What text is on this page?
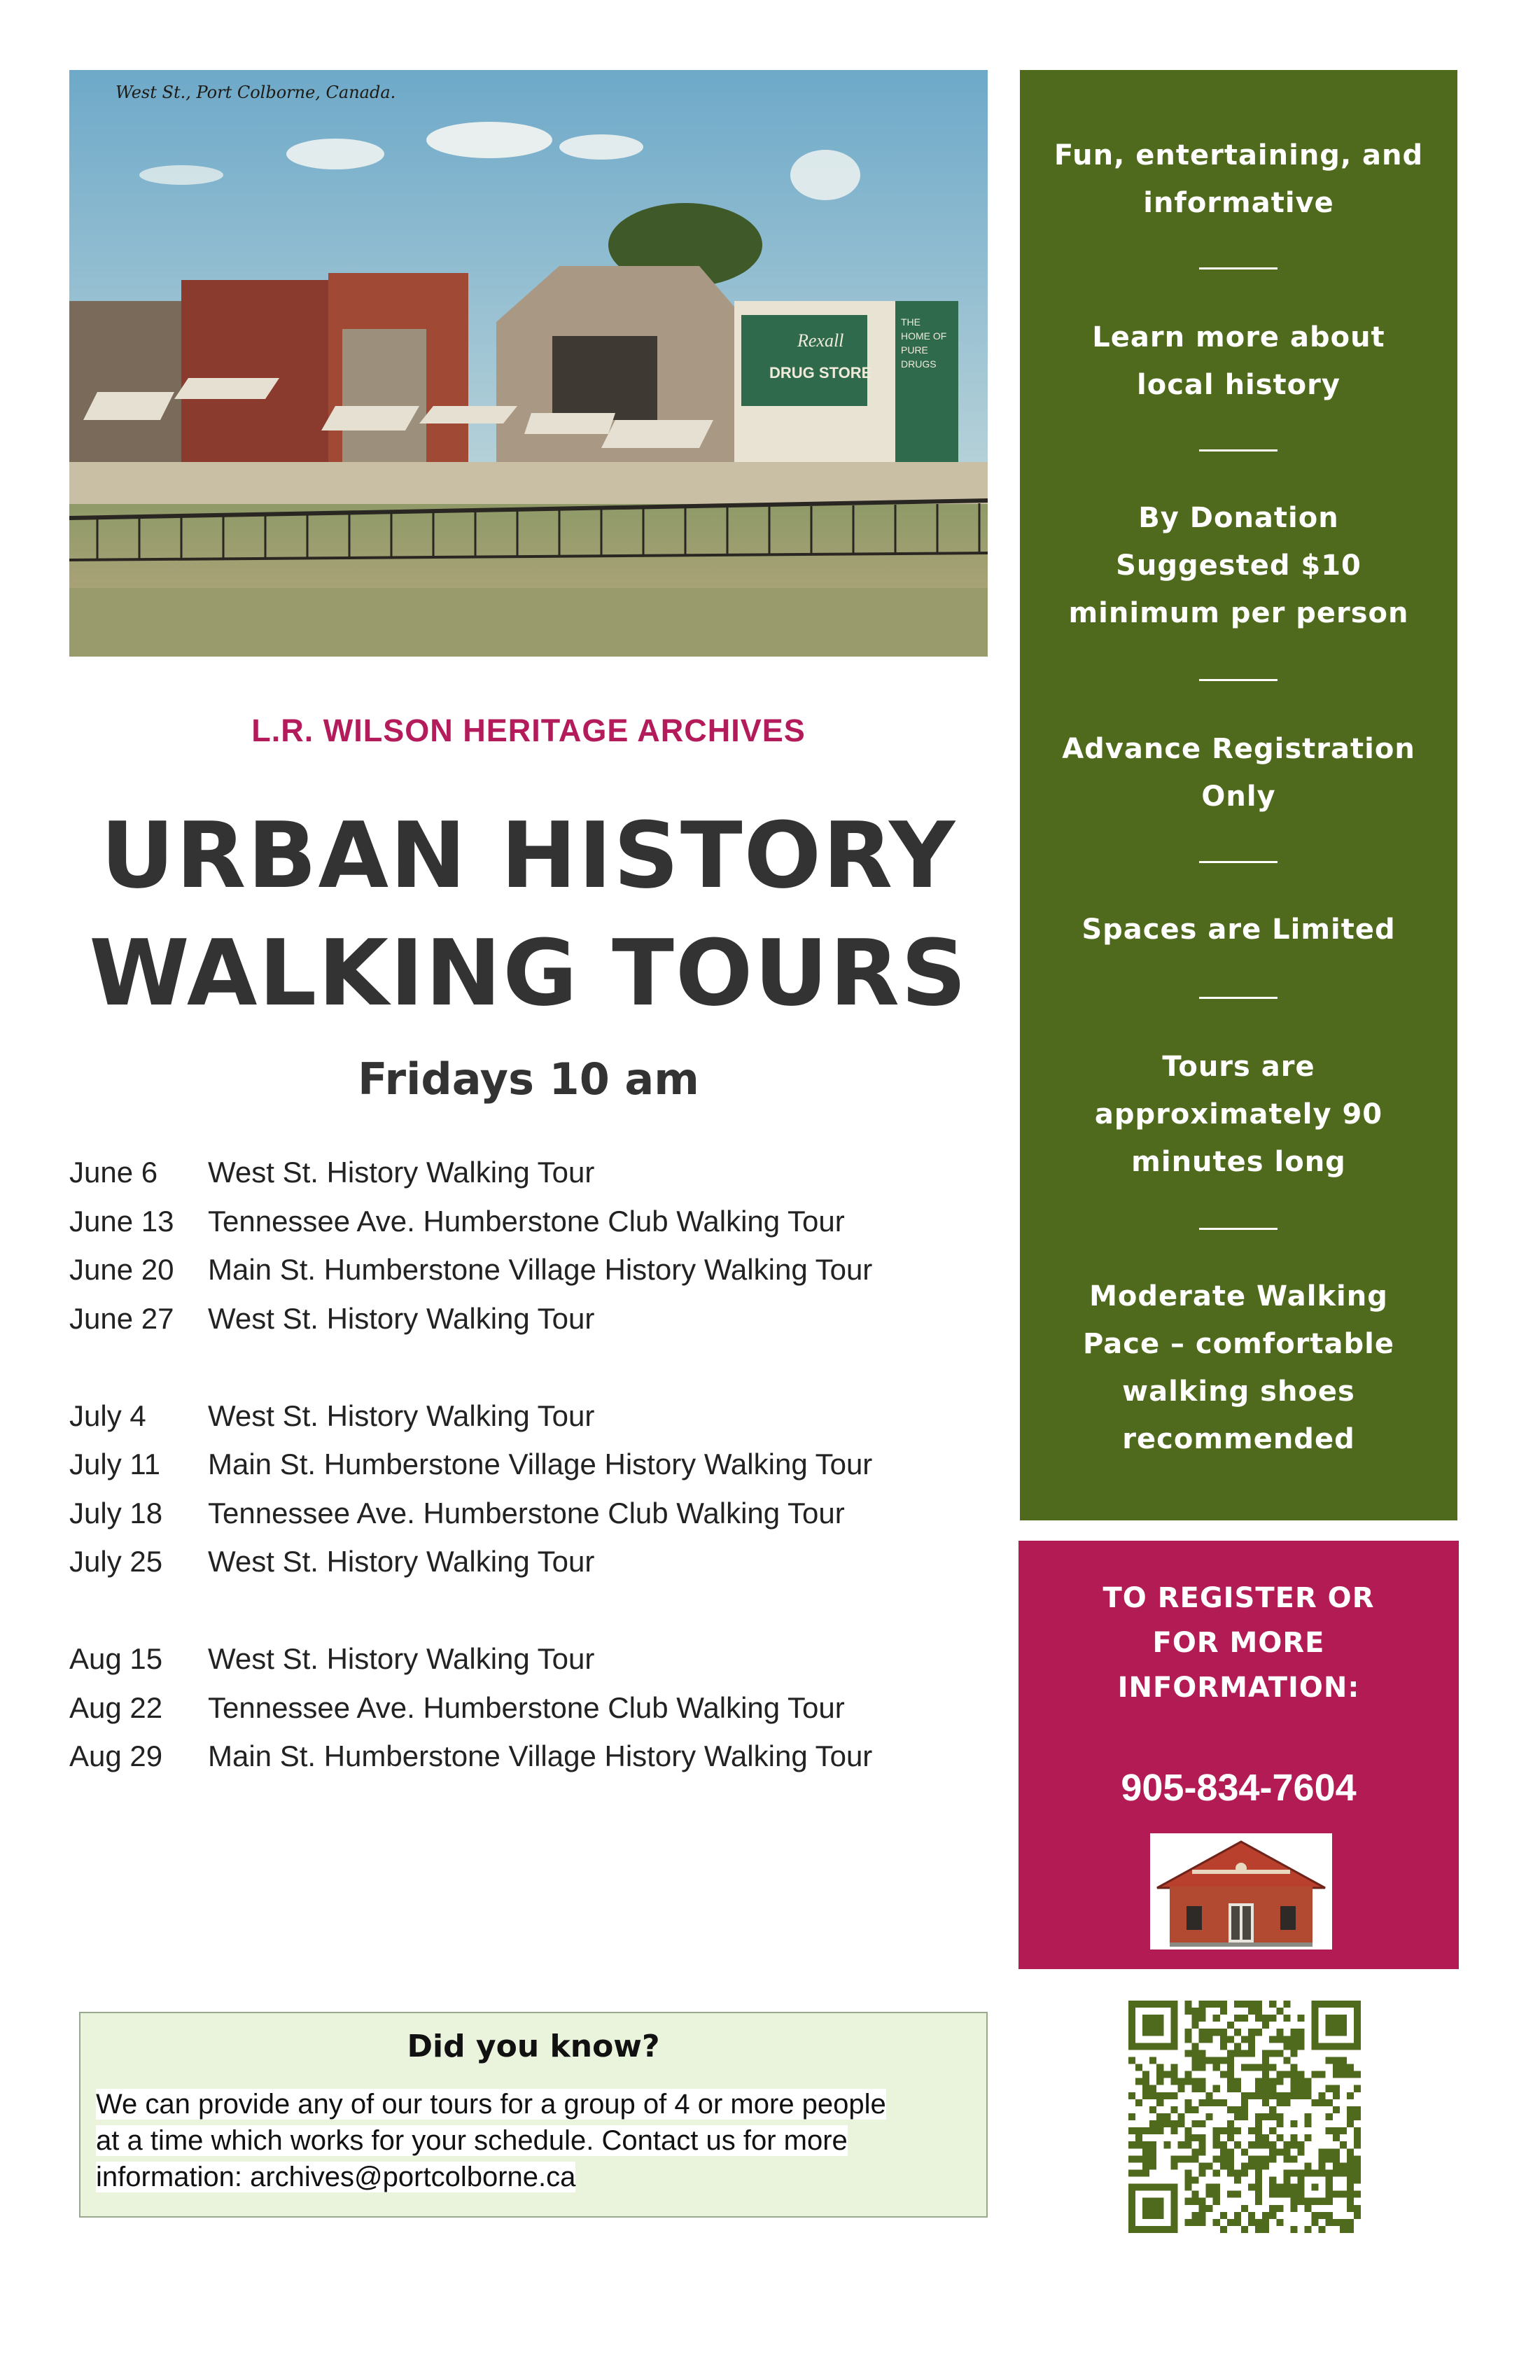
Rexall
DRUG STORE
THE
HOME OF
PURE
DRUGS
West St., Port Colborne, Canada.
L.R. WILSON HERITAGE ARCHIVES
URBAN HISTORY
WALKING TOURS
Fridays 10 am
June 6 West St. History Walking Tour
June 13 Tennessee Ave. Humberstone Club Walking Tour
June 20 Main St. Humberstone Village History Walking Tour
June 27 West St. History Walking Tour
July 4 West St. History Walking Tour
July 11 Main St. Humberstone Village History Walking Tour
July 18 Tennessee Ave. Humberstone Club Walking Tour
July 25 West St. History Walking Tour
Aug 15 West St. History Walking Tour
Aug 22 Tennessee Ave. Humberstone Club Walking Tour
Aug 29 Main St. Humberstone Village History Walking Tour
Fun, entertaining, and
informative
Learn more about
local history
By Donation
Suggested $10
minimum per person
Advance Registration
Only
Spaces are Limited
Tours are
approximately 90
minutes long
Moderate Walking
Pace – comfortable
walking shoes
recommended
TO REGISTER OR
FOR MORE
INFORMATION:
905-834-7604
Did you know?
We can provide any of our tours for a group of 4 or more people
at a time which works for your schedule. Contact us for more
information: archives@portcolborne.ca
